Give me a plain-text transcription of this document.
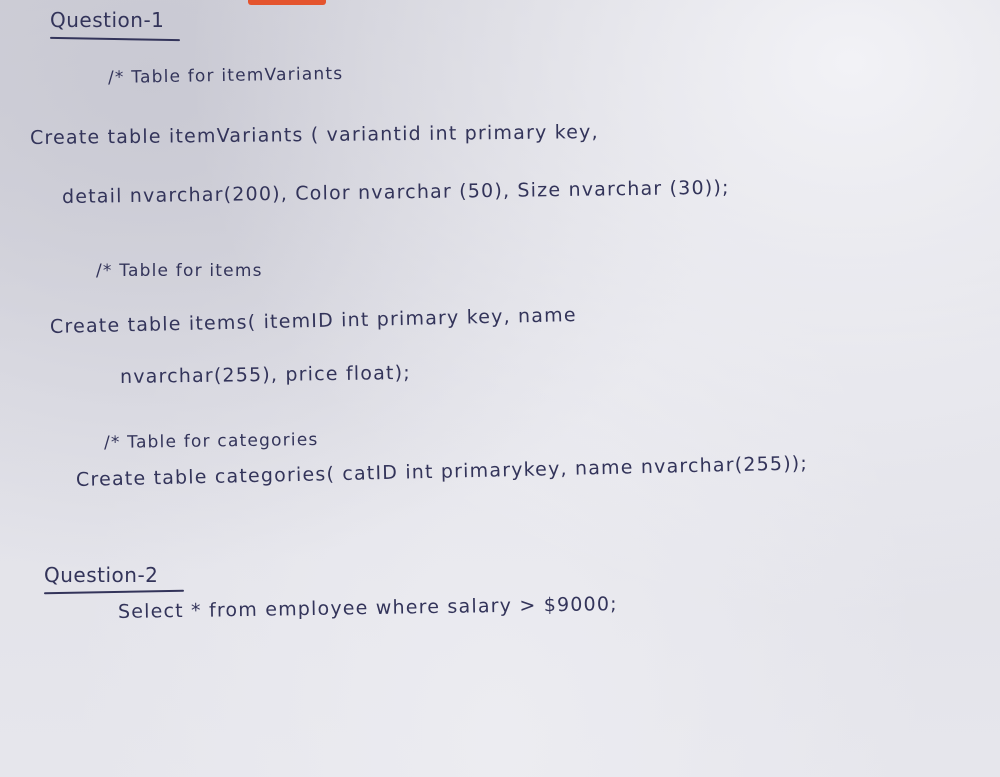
Question-1
/* Table for itemVariants
Create table itemVariants ( variantid int primary key,
detail nvarchar(200), Color nvarchar (50), Size nvarchar (30));
/* Table for items
Create table items( itemID int primary key, name
nvarchar(255), price float);
/* Table for categories
Create table categories( catID int primarykey, name nvarchar(255));
Question-2
Select * from employee where salary > $9000;
